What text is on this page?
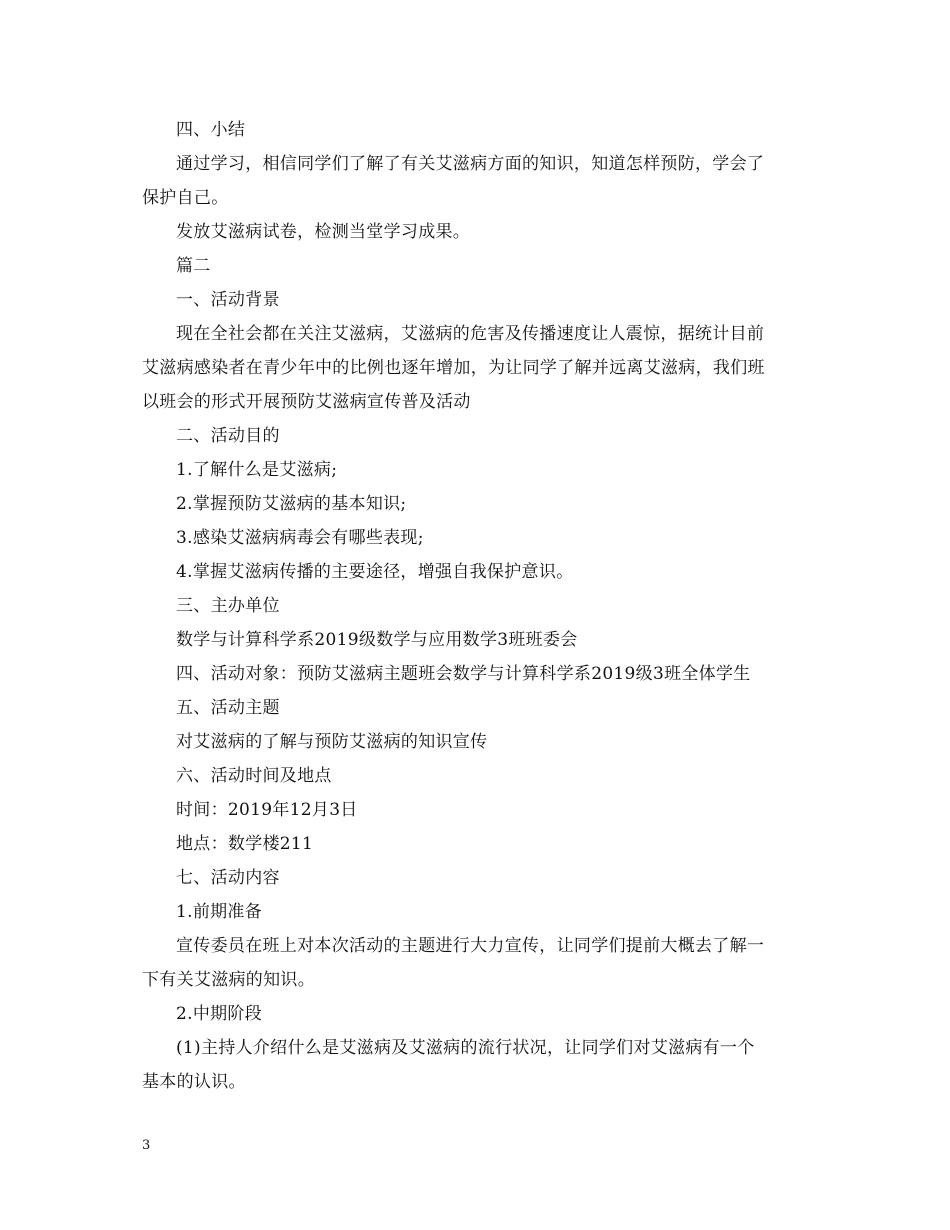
四、小结
通过学习，相信同学们了解了有关艾滋病方面的知识，知道怎样预防，学会了
保护自己。
发放艾滋病试卷，检测当堂学习成果。
篇二
一、活动背景
现在全社会都在关注艾滋病，艾滋病的危害及传播速度让人震惊，据统计目前
艾滋病感染者在青少年中的比例也逐年增加，为让同学了解并远离艾滋病，我们班
以班会的形式开展预防艾滋病宣传普及活动
二、活动目的
1.了解什么是艾滋病;
2.掌握预防艾滋病的基本知识;
3.感染艾滋病病毒会有哪些表现;
4.掌握艾滋病传播的主要途径，增强自我保护意识。
三、主办单位
数学与计算科学系2019级数学与应用数学3班班委会
四、活动对象：预防艾滋病主题班会数学与计算科学系2019级3班全体学生
五、活动主题
对艾滋病的了解与预防艾滋病的知识宣传
六、活动时间及地点
时间：2019年12月3日
地点：数学楼211
七、活动内容
1.前期准备
宣传委员在班上对本次活动的主题进行大力宣传，让同学们提前大概去了解一
下有关艾滋病的知识。
2.中期阶段
(1)主持人介绍什么是艾滋病及艾滋病的流行状况，让同学们对艾滋病有一个
基本的认识。
3
